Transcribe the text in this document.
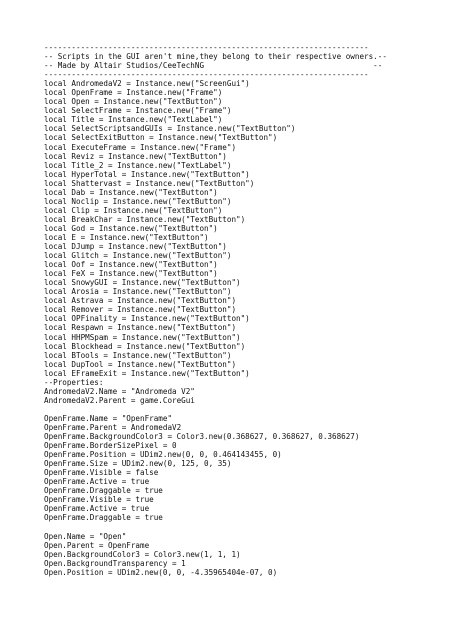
-----------------------------------------------------------------------
-- Scripts in the GUI aren't mine,they belong to their respective owners.--
-- Made by Altair Studios/CeeTechNG                                     --
-----------------------------------------------------------------------
local AndromedaV2 = Instance.new("ScreenGui")
local OpenFrame = Instance.new("Frame")
local Open = Instance.new("TextButton")
local SelectFrame = Instance.new("Frame")
local Title = Instance.new("TextLabel")
local SelectScriptsandGUIs = Instance.new("TextButton")
local SelectExitButton = Instance.new("TextButton")
local ExecuteFrame = Instance.new("Frame")
local Reviz = Instance.new("TextButton")
local Title_2 = Instance.new("TextLabel")
local HyperTotal = Instance.new("TextButton")
local Shattervast = Instance.new("TextButton")
local Dab = Instance.new("TextButton")
local Noclip = Instance.new("TextButton")
local Clip = Instance.new("TextButton")
local BreakChar = Instance.new("TextButton")
local God = Instance.new("TextButton")
local E = Instance.new("TextButton")
local DJump = Instance.new("TextButton")
local Glitch = Instance.new("TextButton")
local Oof = Instance.new("TextButton")
local FeX = Instance.new("TextButton")
local SnowyGUI = Instance.new("TextButton")
local Arosia = Instance.new("TextButton")
local Astrava = Instance.new("TextButton")
local Remover = Instance.new("TextButton")
local OPFinality = Instance.new("TextButton")
local Respawn = Instance.new("TextButton")
local HHPMSpam = Instance.new("TextButton")
local Blockhead = Instance.new("TextButton")
local BTools = Instance.new("TextButton")
local DupTool = Instance.new("TextButton")
local EFrameExit = Instance.new("TextButton")
--Properties:
AndromedaV2.Name = "Andromeda V2"
AndromedaV2.Parent = game.CoreGui
OpenFrame.Name = "OpenFrame"
OpenFrame.Parent = AndromedaV2
OpenFrame.BackgroundColor3 = Color3.new(0.368627, 0.368627, 0.368627)
OpenFrame.BorderSizePixel = 0
OpenFrame.Position = UDim2.new(0, 0, 0.464143455, 0)
OpenFrame.Size = UDim2.new(0, 125, 0, 35)
OpenFrame.Visible = false
OpenFrame.Active = true
OpenFrame.Draggable = true
OpenFrame.Visible = true
OpenFrame.Active = true
OpenFrame.Draggable = true
Open.Name = "Open"
Open.Parent = OpenFrame
Open.BackgroundColor3 = Color3.new(1, 1, 1)
Open.BackgroundTransparency = 1
Open.Position = UDim2.new(0, 0, -4.35965404e-07, 0)
